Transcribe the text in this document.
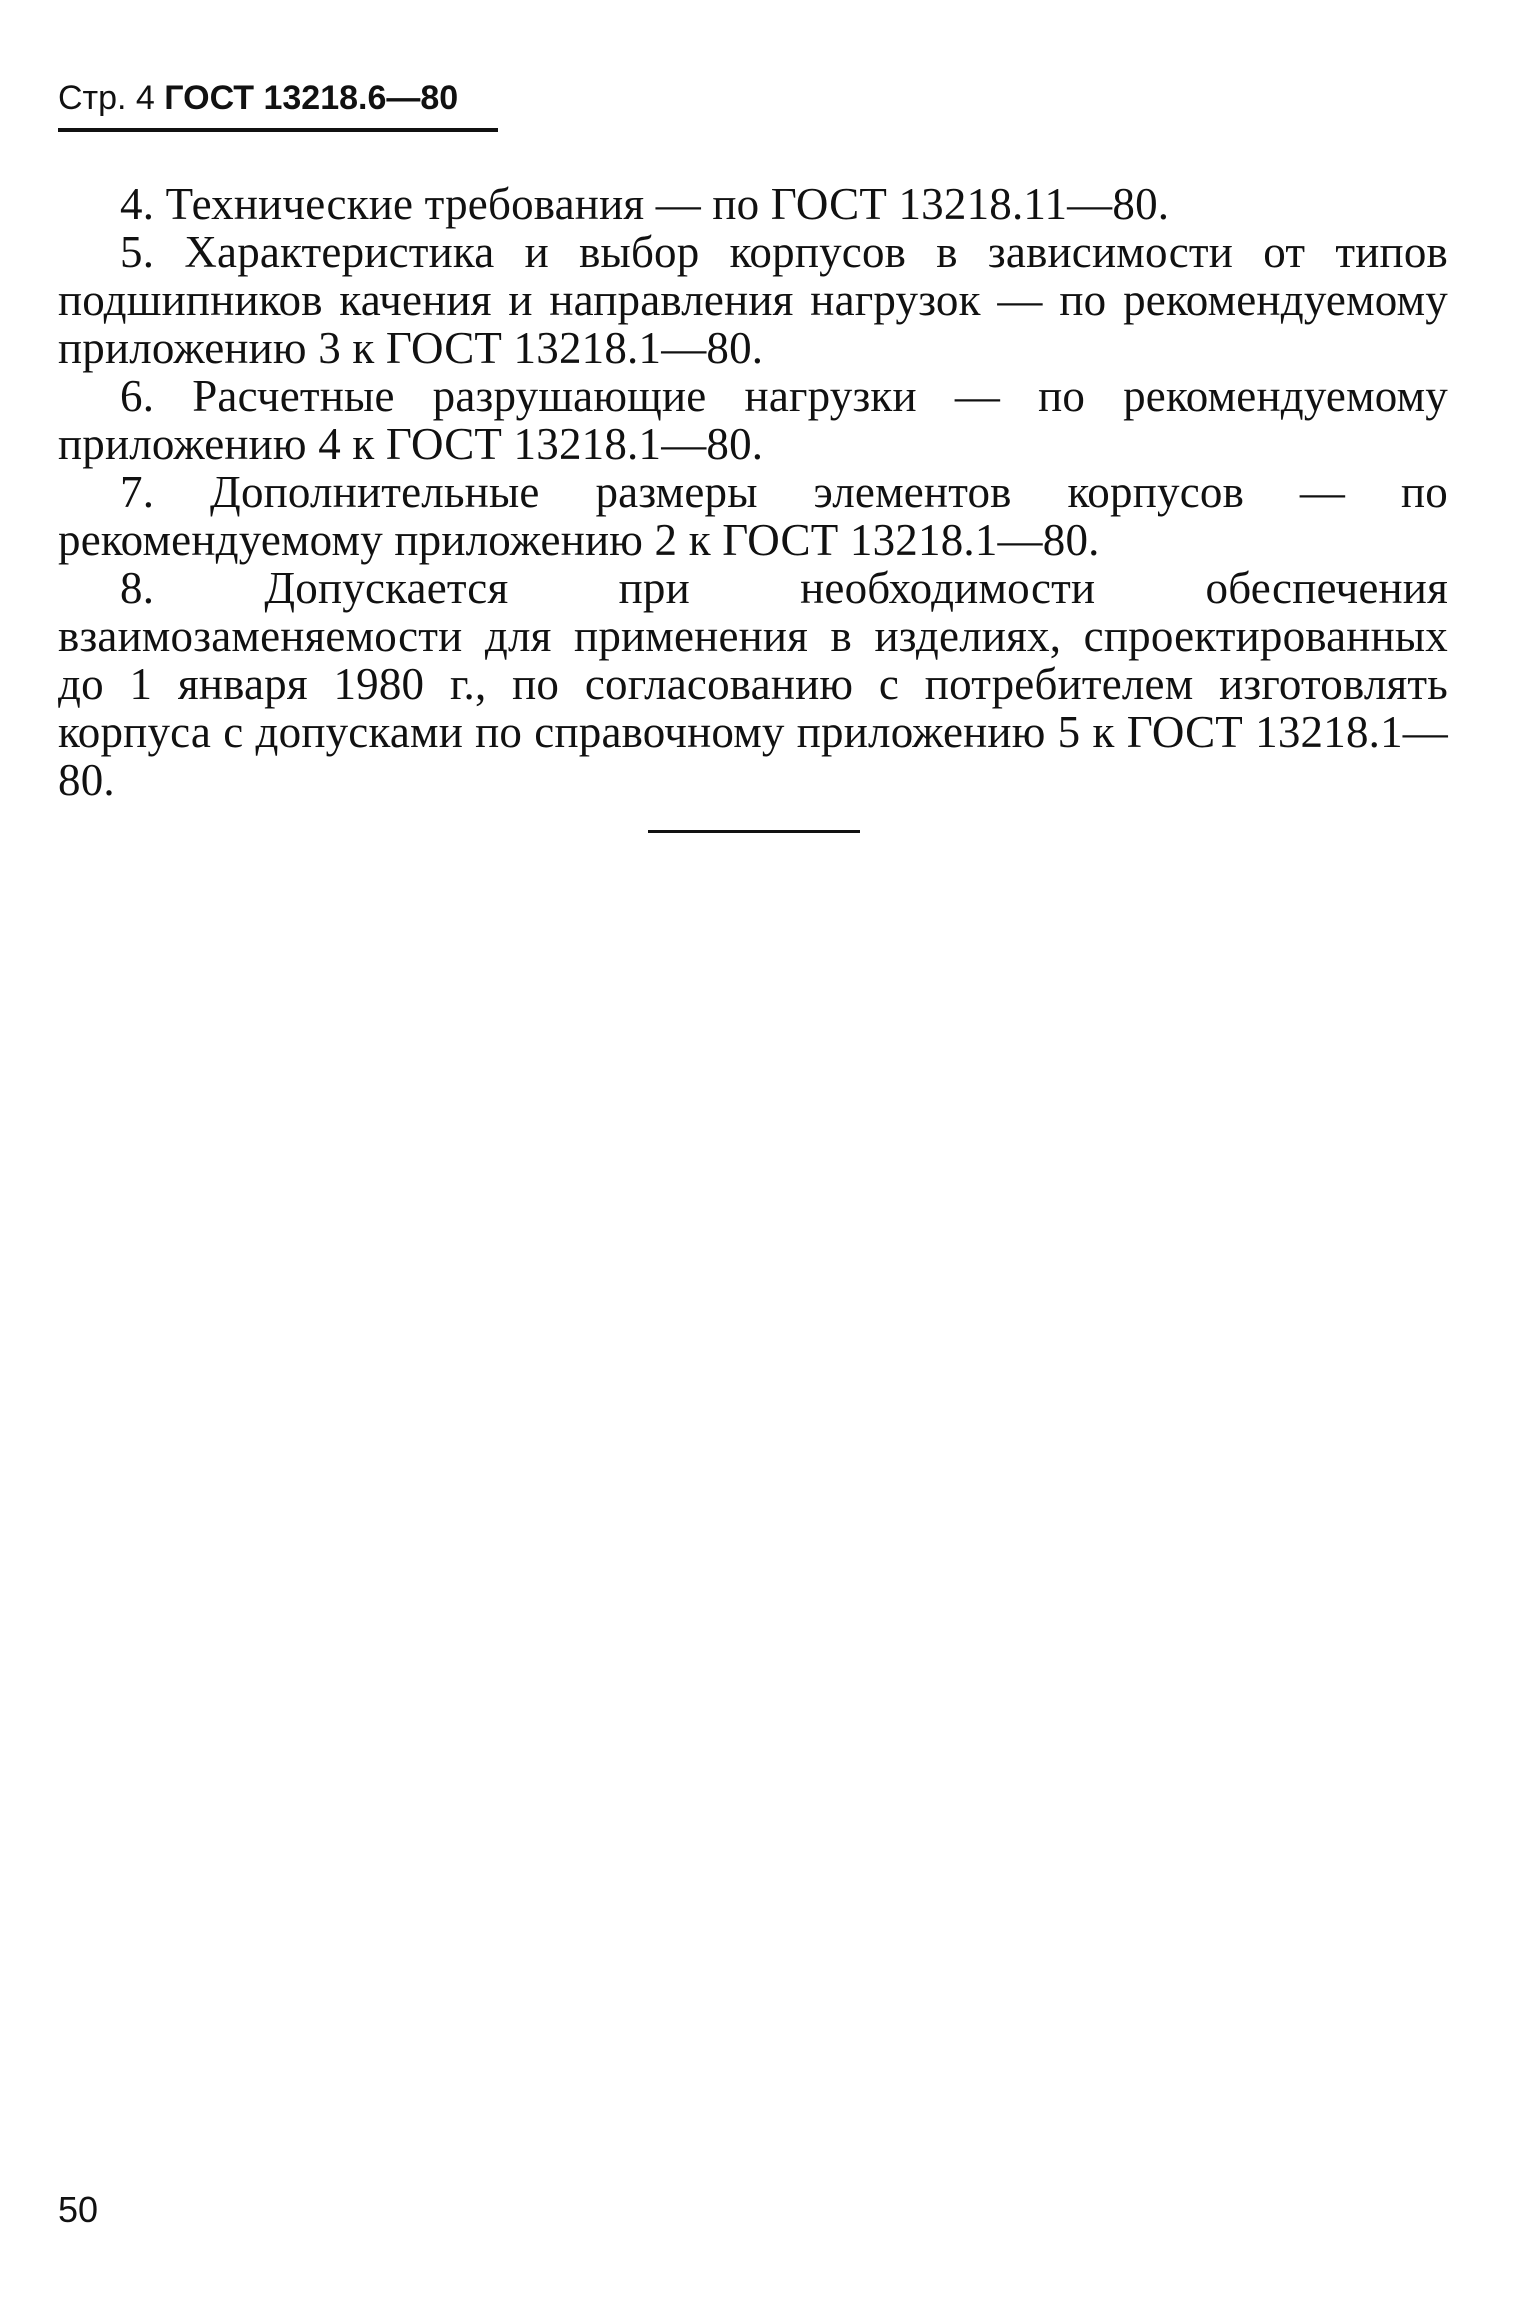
Стр. 4 ГОСТ 13218.6—80

4. Технические требования — по ГОСТ 13218.11—80.

5. Характеристика и выбор корпусов в зависимости от типов подшипников качения и направления нагрузок — по рекомендуемому приложению 3 к ГОСТ 13218.1—80.

6. Расчетные разрушающие нагрузки — по рекомендуемому приложению 4 к ГОСТ 13218.1—80.

7. Дополнительные размеры элементов корпусов — по рекомендуемому приложению 2 к ГОСТ 13218.1—80.

8. Допускается при необходимости обеспечения взаимозаменяемости для применения в изделиях, спроектированных до 1 января 1980 г., по согласованию с потребителем изготовлять корпуса с допусками по справочному приложению 5 к ГОСТ 13218.1—80.

50
